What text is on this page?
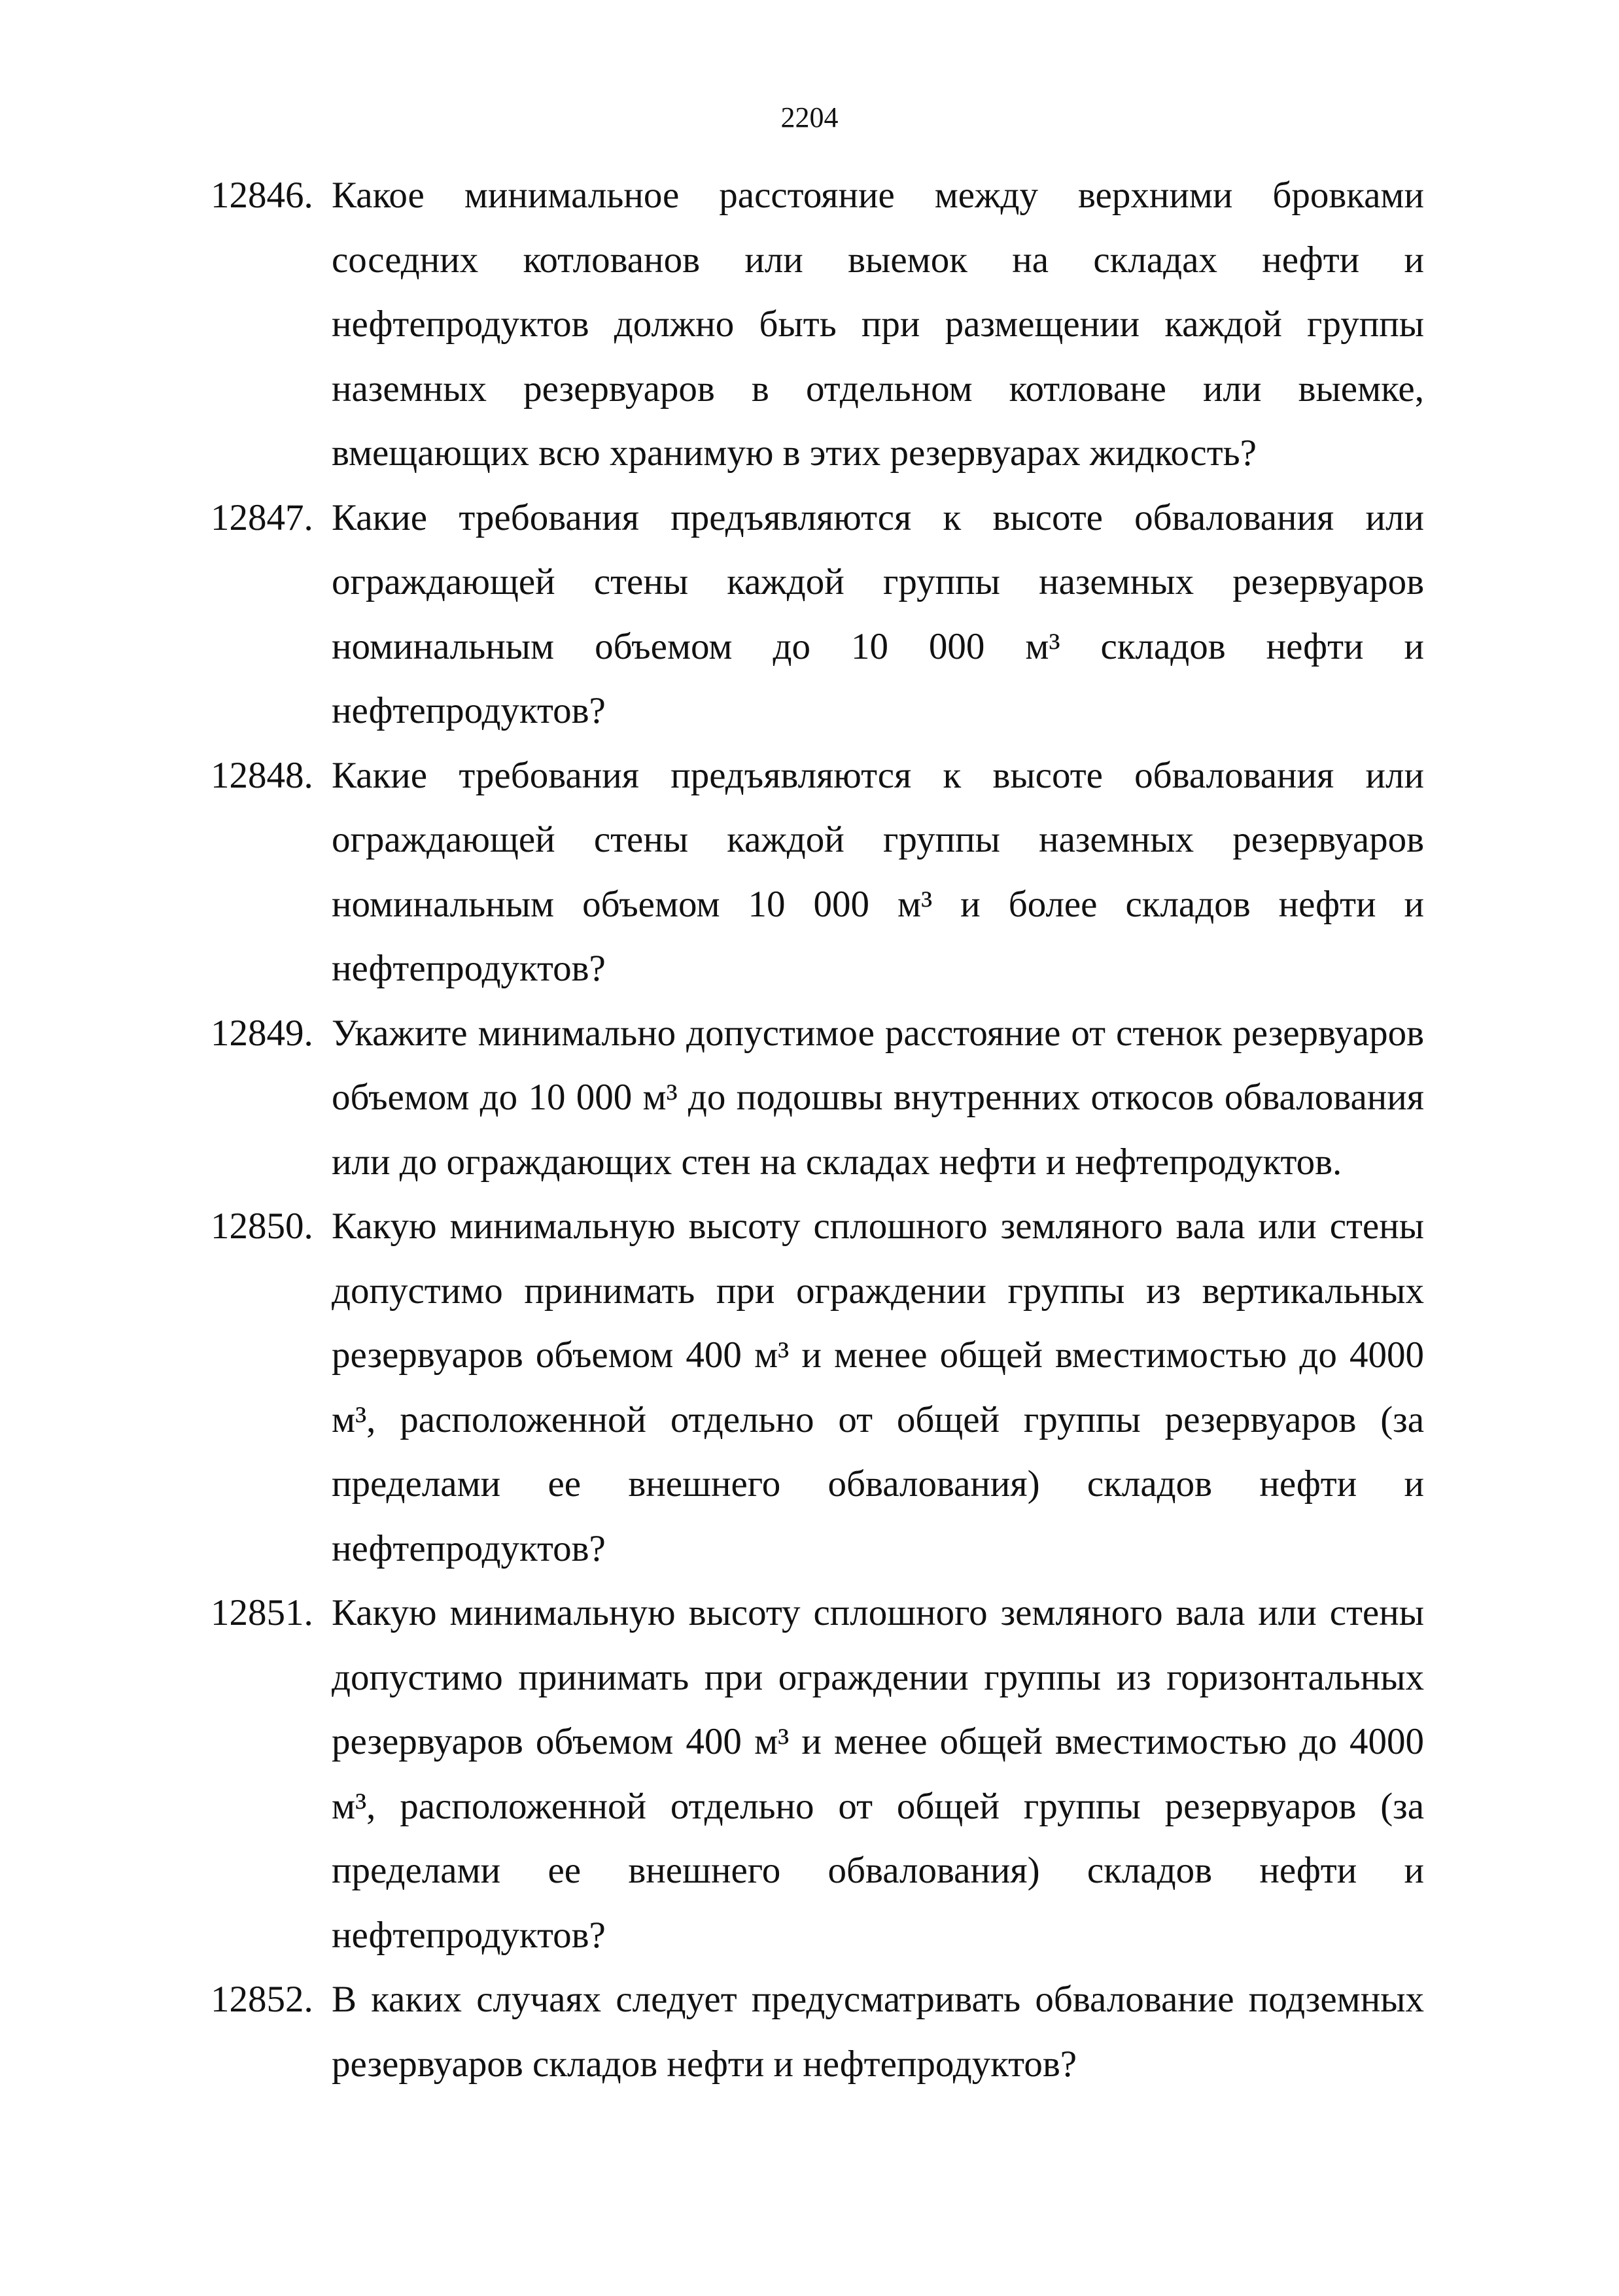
2204
12846. Какое минимальное расстояние между верхними бровками соседних котлованов или выемок на складах нефти и нефтепродуктов должно быть при размещении каждой группы наземных резервуаров в отдельном котловане или выемке, вмещающих всю хранимую в этих резервуарах жидкость?
12847. Какие требования предъявляются к высоте обвалования или ограждающей стены каждой группы наземных резервуаров номинальным объемом до 10 000 м³ складов нефти и нефтепродуктов?
12848. Какие требования предъявляются к высоте обвалования или ограждающей стены каждой группы наземных резервуаров номинальным объемом 10 000 м³ и более складов нефти и нефтепродуктов?
12849. Укажите минимально допустимое расстояние от стенок резервуаров объемом до 10 000 м³ до подошвы внутренних откосов обвалования или до ограждающих стен на складах нефти и нефтепродуктов.
12850. Какую минимальную высоту сплошного земляного вала или стены допустимо принимать при ограждении группы из вертикальных резервуаров объемом 400 м³ и менее общей вместимостью до 4000 м³, расположенной отдельно от общей группы резервуаров (за пределами ее внешнего обвалования) складов нефти и нефтепродуктов?
12851. Какую минимальную высоту сплошного земляного вала или стены допустимо принимать при ограждении группы из горизонтальных резервуаров объемом 400 м³ и менее общей вместимостью до 4000 м³, расположенной отдельно от общей группы резервуаров (за пределами ее внешнего обвалования) складов нефти и нефтепродуктов?
12852. В каких случаях следует предусматривать обвалование подземных резервуаров складов нефти и нефтепродуктов?
